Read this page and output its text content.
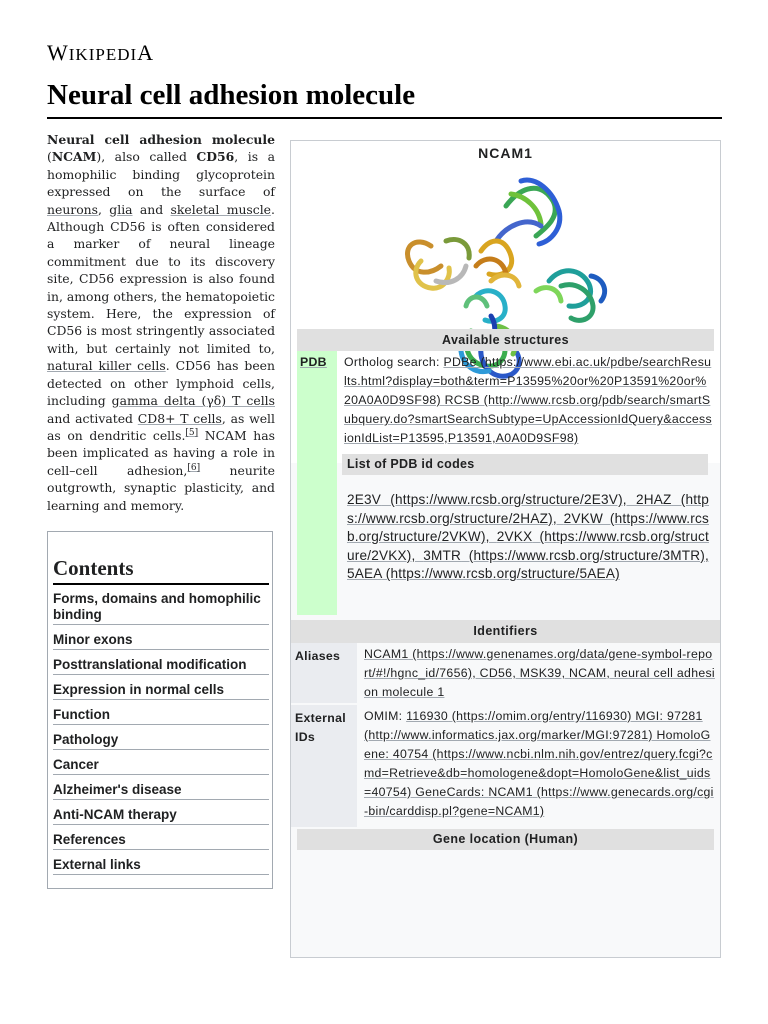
WIKIPEDIA
Neural cell adhesion molecule

Neural cell adhesion molecule (NCAM), also called CD56, is a homophilic binding glycoprotein expressed on the surface of neurons, glia and skeletal muscle. Although CD56 is often considered a marker of neural lineage commitment due to its discovery site, CD56 expression is also found in, among others, the hematopoietic system. Here, the expression of CD56 is most stringently associated with, but certainly not limited to, natural killer cells. CD56 has been detected on other lymphoid cells, including gamma delta (γδ) T cells and activated CD8+ T cells, as well as on dendritic cells.[5] NCAM has been implicated as having a role in cell–cell adhesion,[6] neurite outgrowth, synaptic plasticity, and learning and memory.

Contents
Forms, domains and homophilic binding
Minor exons
Posttranslational modification
Expression in normal cells
Function
Pathology
Cancer
Alzheimer's disease
Anti-NCAM therapy
References
External links
NCAM1
Available structures
PDB	Ortholog search: PDBe (https://www.ebi.ac.uk/pdbe/searchResults.html?display=both&term=P13595%20or%20P13591%20or%20A0A0D9SF98) RCSB (http://www.rcsb.org/pdb/search/smartSubquery.do?smartSearchSubtype=UpAccessionIdQuery&accessionIdList=P13595,P13591,A0A0D9SF98)
List of PDB id codes
2E3V (https://www.rcsb.org/structure/2E3V), 2HAZ (https://www.rcsb.org/structure/2HAZ), 2VKW (https://www.rcsb.org/structure/2VKW), 2VKX (https://www.rcsb.org/structure/2VKX), 3MTR (https://www.rcsb.org/structure/3MTR), 5AEA (https://www.rcsb.org/structure/5AEA)
Identifiers
Aliases	NCAM1 (https://www.genenames.org/data/gene-symbol-report/#!/hgnc_id/7656), CD56, MSK39, NCAM, neural cell adhesion molecule 1
External IDs
OMIM: 116930 (https://omim.org/entry/116930) MGI: 97281 (http://www.informatics.jax.org/marker/MGI:97281) HomoloGene: 40754 (https://www.ncbi.nlm.nih.gov/entrez/query.fcgi?cmd=Retrieve&db=homologene&dopt=HomoloGene&list_uids=40754) GeneCards: NCAM1 (https://www.genecards.org/cgi-bin/carddisp.pl?gene=NCAM1)
Gene location (Human)
